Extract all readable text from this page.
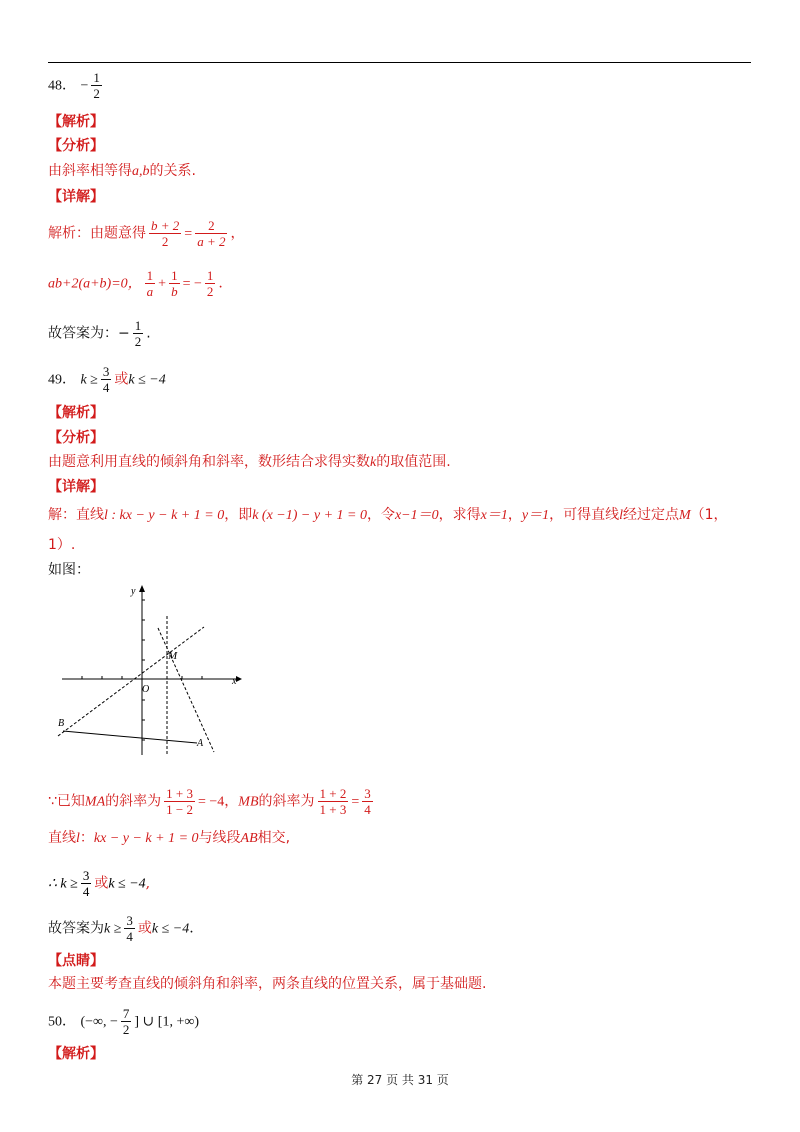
48． − $\frac{1}{2}$
【解析】
【分析】
由斜率相等得a,b的关系.
【详解】
解析：由题意得 $\frac{b + 2}{2} = \frac{2}{a + 2}$ ，
ab+2(a+b)=0， $\frac{1}{a} + \frac{1}{b}$ = − $\frac{1}{2}$ .
故答案为：− $\frac{1}{2}$ .
49． $k \ge \frac{3}{4}$ 或k ≤ −4
【解析】
【分析】
由题意利用直线的倾斜角和斜率，数形结合求得实数k的取值范围.
【详解】
解：直线l : kx − y − k + 1 = 0，即k (x −1) − y + 1 = 0，令x−1＝0，求得x＝1，y＝1，可得直线l经过定点M（1，
1）.
如图：
y
x
O
M
B
A
∵已知MA的斜率为 $\frac{1 + 3}{1 - 2} = -4$，MB的斜率为 $\frac{1 + 2}{1 + 3} = \frac{3}{4}$
直线l：kx − y − k + 1 = 0与线段AB相交,
∴ $k \ge \frac{3}{4}$ 或k ≤ −4,
故答案为$k \ge \frac{3}{4}$ 或k ≤ −4.
【点睛】
本题主要考查直线的倾斜角和斜率，两条直线的位置关系，属于基础题.
50． (−∞, − $\frac{7}{2}$ ] ∪ [1, +∞)
【解析】
第 27 页 共 31 页
